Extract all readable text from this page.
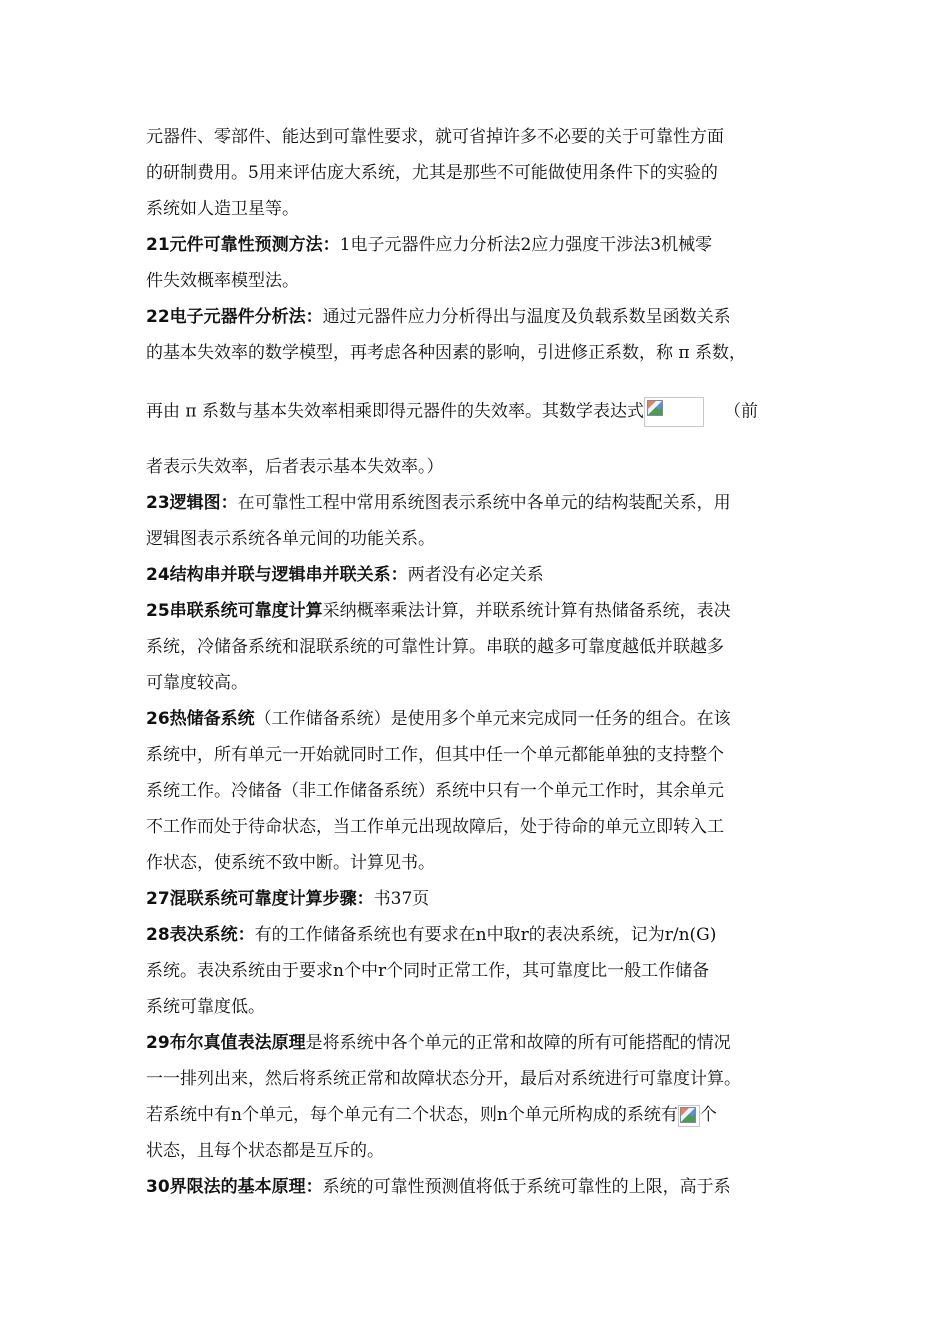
元器件、零部件、能达到可靠性要求，就可省掉许多不必要的关于可靠性方面
的研制费用。5用来评估庞大系统，尤其是那些不可能做使用条件下的实验的
系统如人造卫星等。
21元件可靠性预测方法：1电子元器件应力分析法2应力强度干涉法3机械零
件失效概率模型法。
22电子元器件分析法：通过元器件应力分析得出与温度及负载系数呈函数关系
的基本失效率的数学模型，再考虑各种因素的影响，引进修正系数，称 π 系数，
再由 π 系数与基本失效率相乘即得元器件的失效率。其数学表达式	（前
者表示失效率，后者表示基本失效率。）
23逻辑图：在可靠性工程中常用系统图表示系统中各单元的结构装配关系，用
逻辑图表示系统各单元间的功能关系。
24结构串并联与逻辑串并联关系：两者没有必定关系
25串联系统可靠度计算采纳概率乘法计算，并联系统计算有热储备系统，表决
系统，冷储备系统和混联系统的可靠性计算。串联的越多可靠度越低并联越多
可靠度较高。
26热储备系统（工作储备系统）是使用多个单元来完成同一任务的组合。在该
系统中，所有单元一开始就同时工作，但其中任一个单元都能单独的支持整个
系统工作。冷储备（非工作储备系统）系统中只有一个单元工作时，其余单元
不工作而处于待命状态，当工作单元出现故障后，处于待命的单元立即转入工
作状态，使系统不致中断。计算见书。
27混联系统可靠度计算步骤：书37页
28表决系统：有的工作储备系统也有要求在n中取r的表决系统，记为r/n(G)
系统。表决系统由于要求n个中r个同时正常工作，其可靠度比一般工作储备
系统可靠度低。
29布尔真值表法原理是将系统中各个单元的正常和故障的所有可能搭配的情况
一一排列出来，然后将系统正常和故障状态分开，最后对系统进行可靠度计算。
若系统中有n个单元，每个单元有二个状态，则n个单元所构成的系统有 个
状态，且每个状态都是互斥的。
30界限法的基本原理：系统的可靠性预测值将低于系统可靠性的上限，高于系
